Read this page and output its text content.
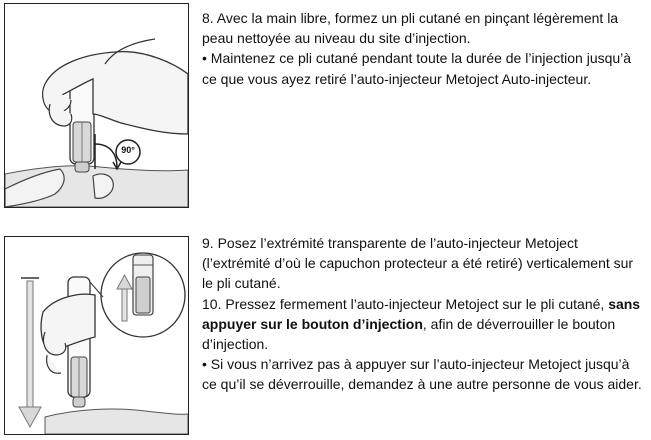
90°

8. Avec la main libre, formez un pli cutané en pinçant légèrement la peau nettoyée au niveau du site d’injection.

• Maintenez ce pli cutané pendant toute la durée de l’injection jusqu’à ce que vous ayez retiré l’auto-injecteur Metoject Auto-injecteur.

9. Posez l’extrémité transparente de l’auto-injecteur Metoject (l’extrémité d’où le capuchon protecteur a été retiré) verticalement sur le pli cutané.

10. Pressez fermement l’auto-injecteur Metoject sur le pli cutané, sans appuyer sur le bouton d’injection, afin de déverrouiller le bouton d’injection.

• Si vous n’arrivez pas à appuyer sur l’auto-injecteur Metoject jusqu’à ce qu’il se déverrouille, demandez à une autre personne de vous aider.
